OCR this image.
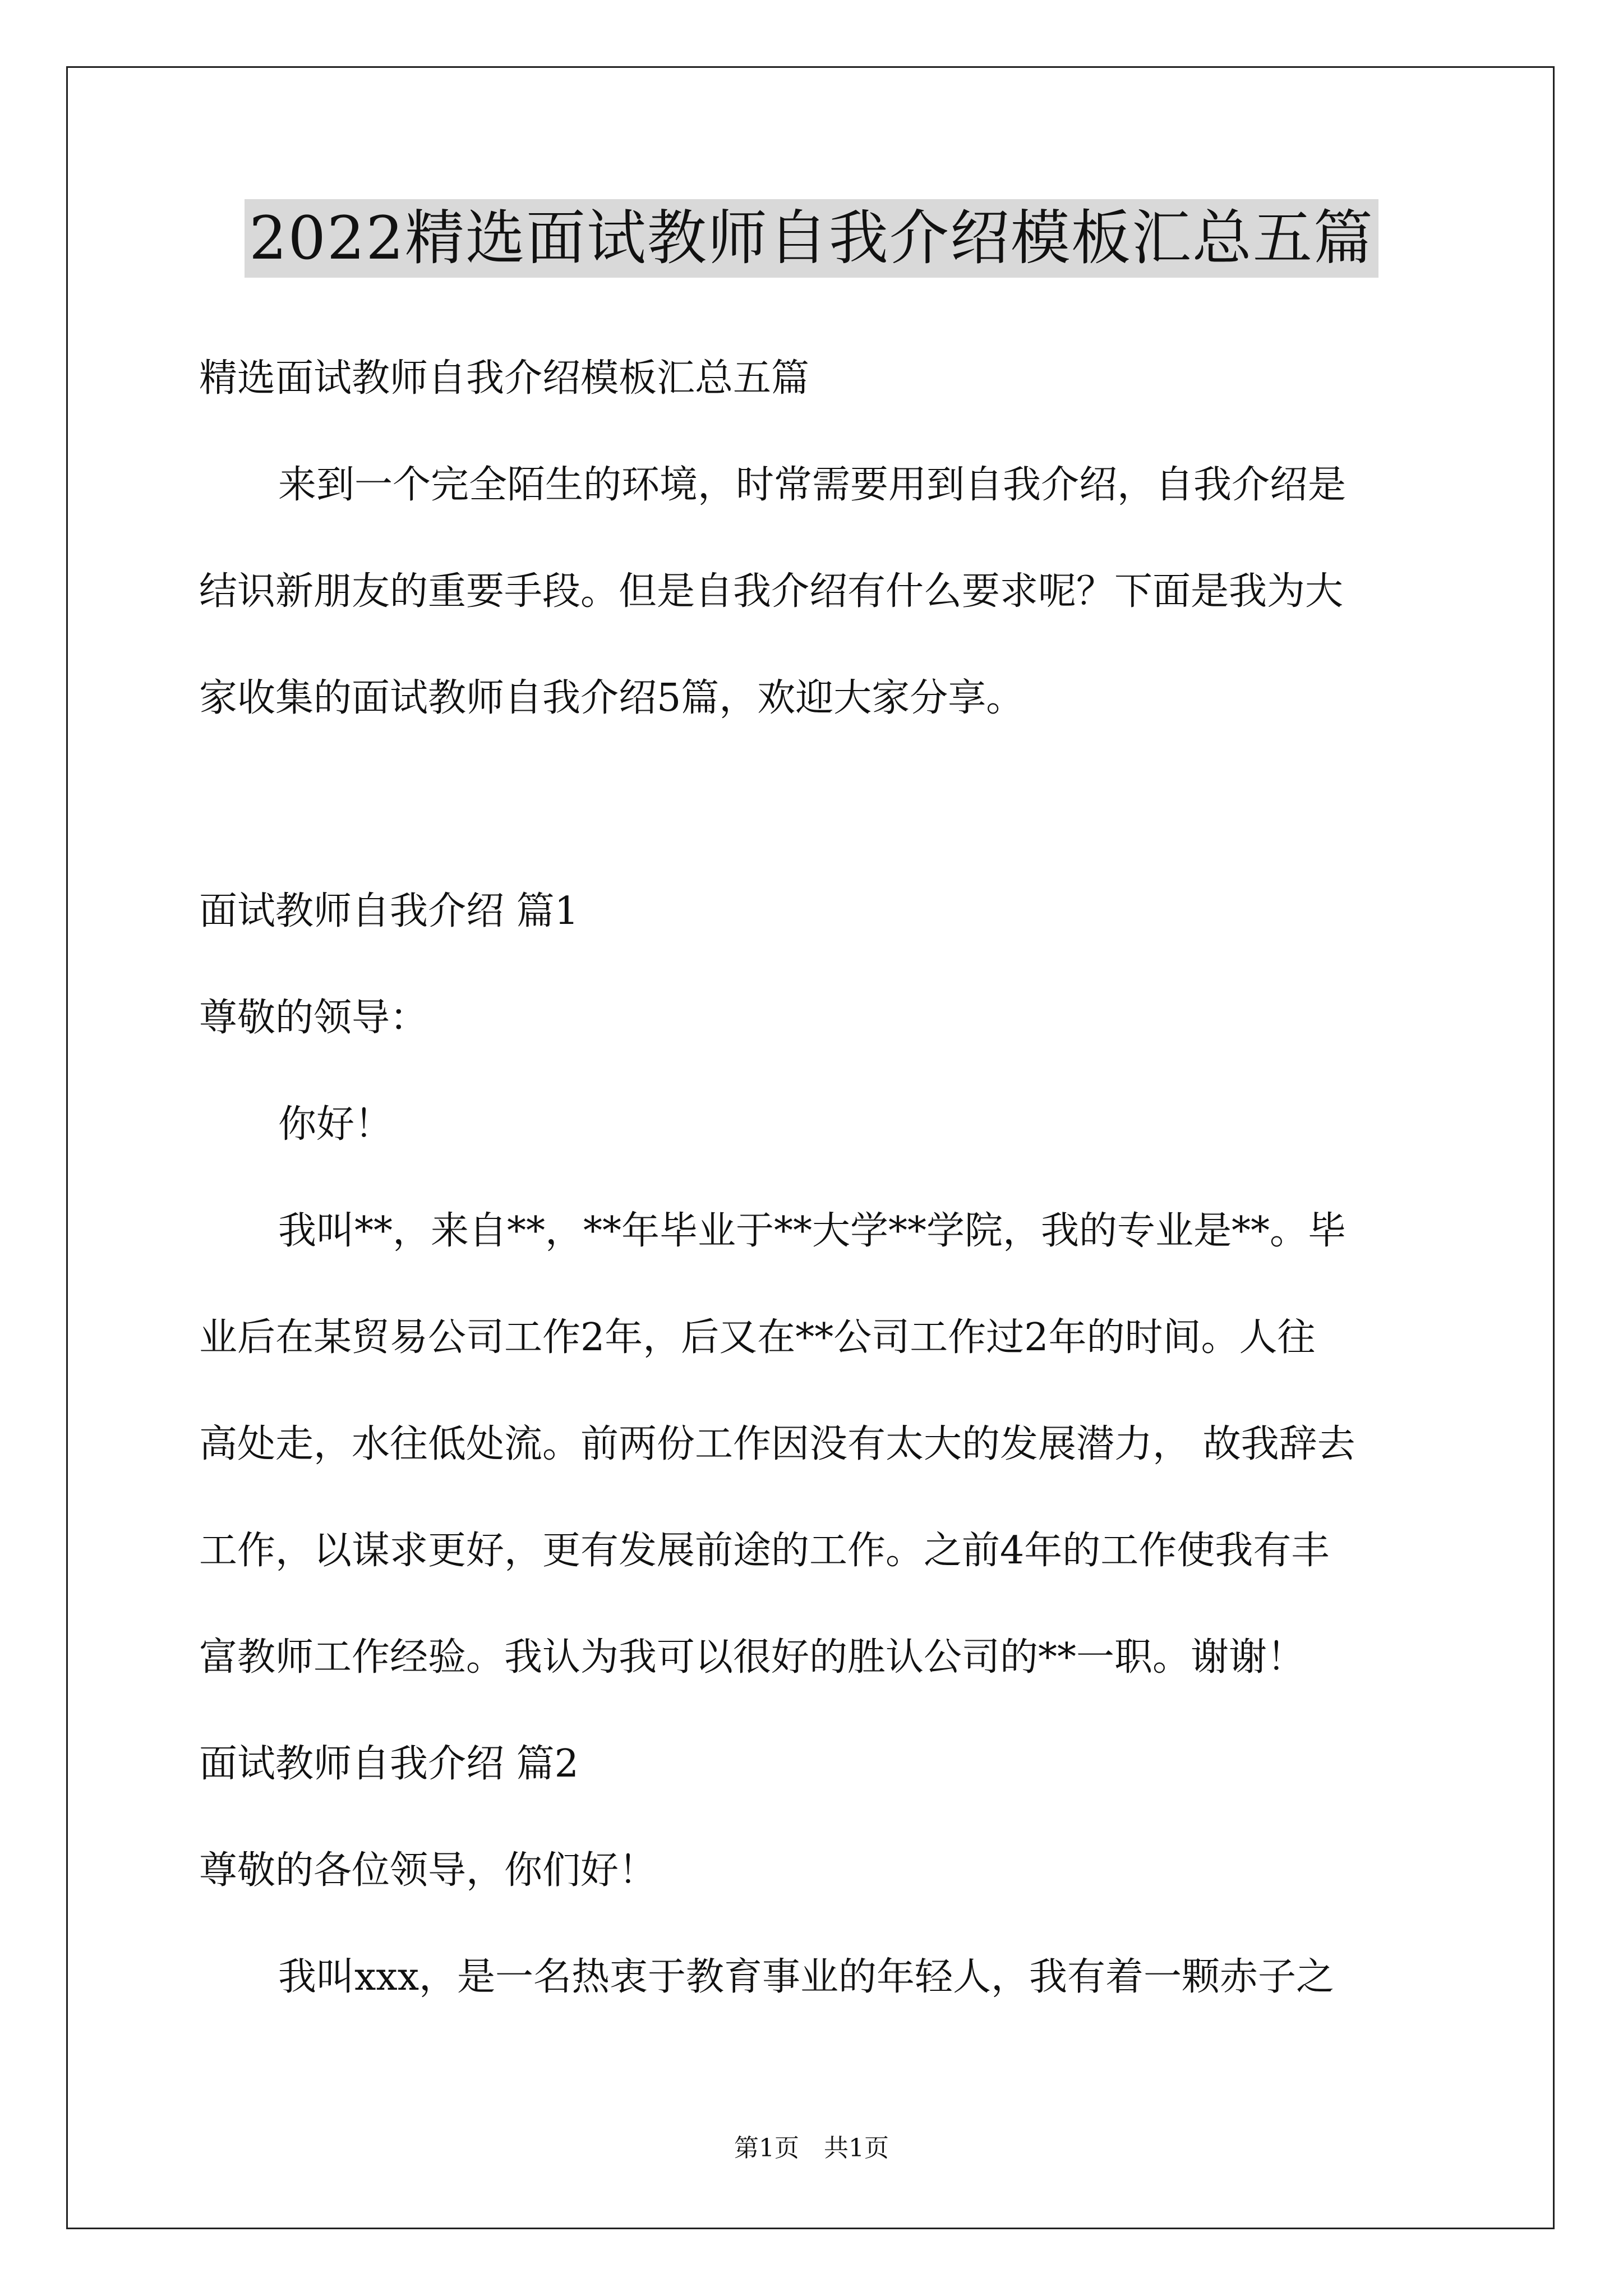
2022精选面试教师自我介绍模板汇总五篇
精选面试教师自我介绍模板汇总五篇
来到一个完全陌生的环境，时常需要用到自我介绍，自我介绍是
结识新朋友的重要手段。但是自我介绍有什么要求呢？下面是我为大
家收集的面试教师自我介绍5篇，欢迎大家分享。
面试教师自我介绍 篇1
尊敬的领导：
你好！
我叫**，来自**，**年毕业于**大学**学院，我的专业是**。毕
业后在某贸易公司工作2年，后又在**公司工作过2年的时间。人往
高处走，水往低处流。前两份工作因没有太大的发展潜力， 故我辞去
工作，以谋求更好，更有发展前途的工作。之前4年的工作使我有丰
富教师工作经验。我认为我可以很好的胜认公司的**一职。谢谢！
面试教师自我介绍 篇2
尊敬的各位领导，你们好！
我叫xxx，是一名热衷于教育事业的年轻人，我有着一颗赤子之
第1页　共1页
